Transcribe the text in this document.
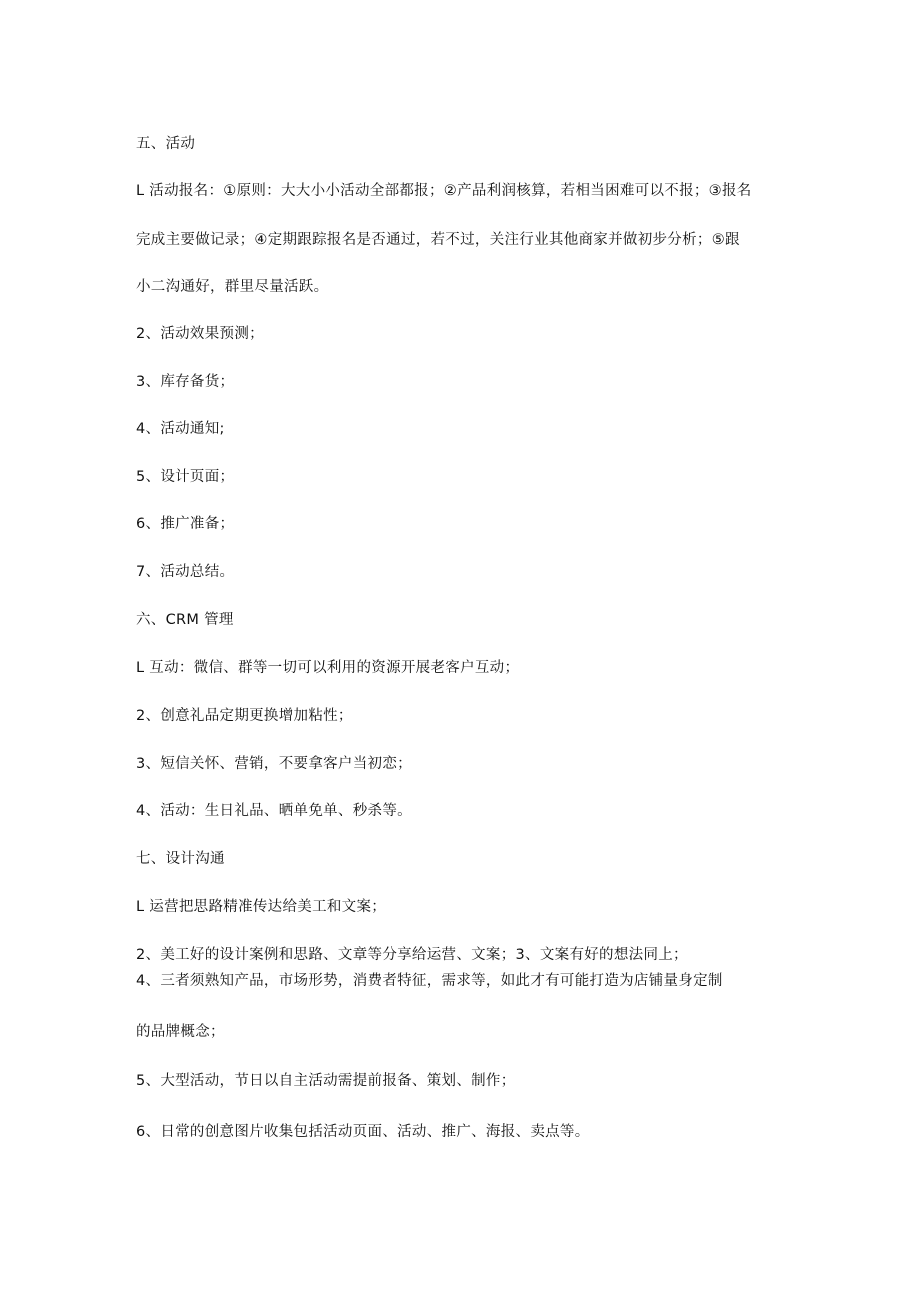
五、活动
L 活动报名：①原则：大大小小活动全部都报；②产品利润核算，若相当困难可以不报；③报名
完成主要做记录；④定期跟踪报名是否通过，若不过，关注行业其他商家并做初步分析；⑤跟
小二沟通好，群里尽量活跃。
2、活动效果预测；
3、库存备货；
4、活动通知;
5、设计页面；
6、推广准备；
7、活动总结。
六、CRM 管理
L 互动：微信、群等一切可以利用的资源开展老客户互动；
2、创意礼品定期更换增加粘性；
3、短信关怀、营销，不要拿客户当初恋；
4、活动：生日礼品、晒单免单、秒杀等。
七、设计沟通
L 运营把思路精准传达给美工和文案；
2、美工好的设计案例和思路、文章等分享给运营、文案；3、文案有好的想法同上；
4、三者须熟知产品，市场形势，消费者特征，需求等，如此才有可能打造为店铺量身定制
的品牌概念；
5、大型活动，节日以自主活动需提前报备、策划、制作；
6、日常的创意图片收集包括活动页面、活动、推广、海报、卖点等。
